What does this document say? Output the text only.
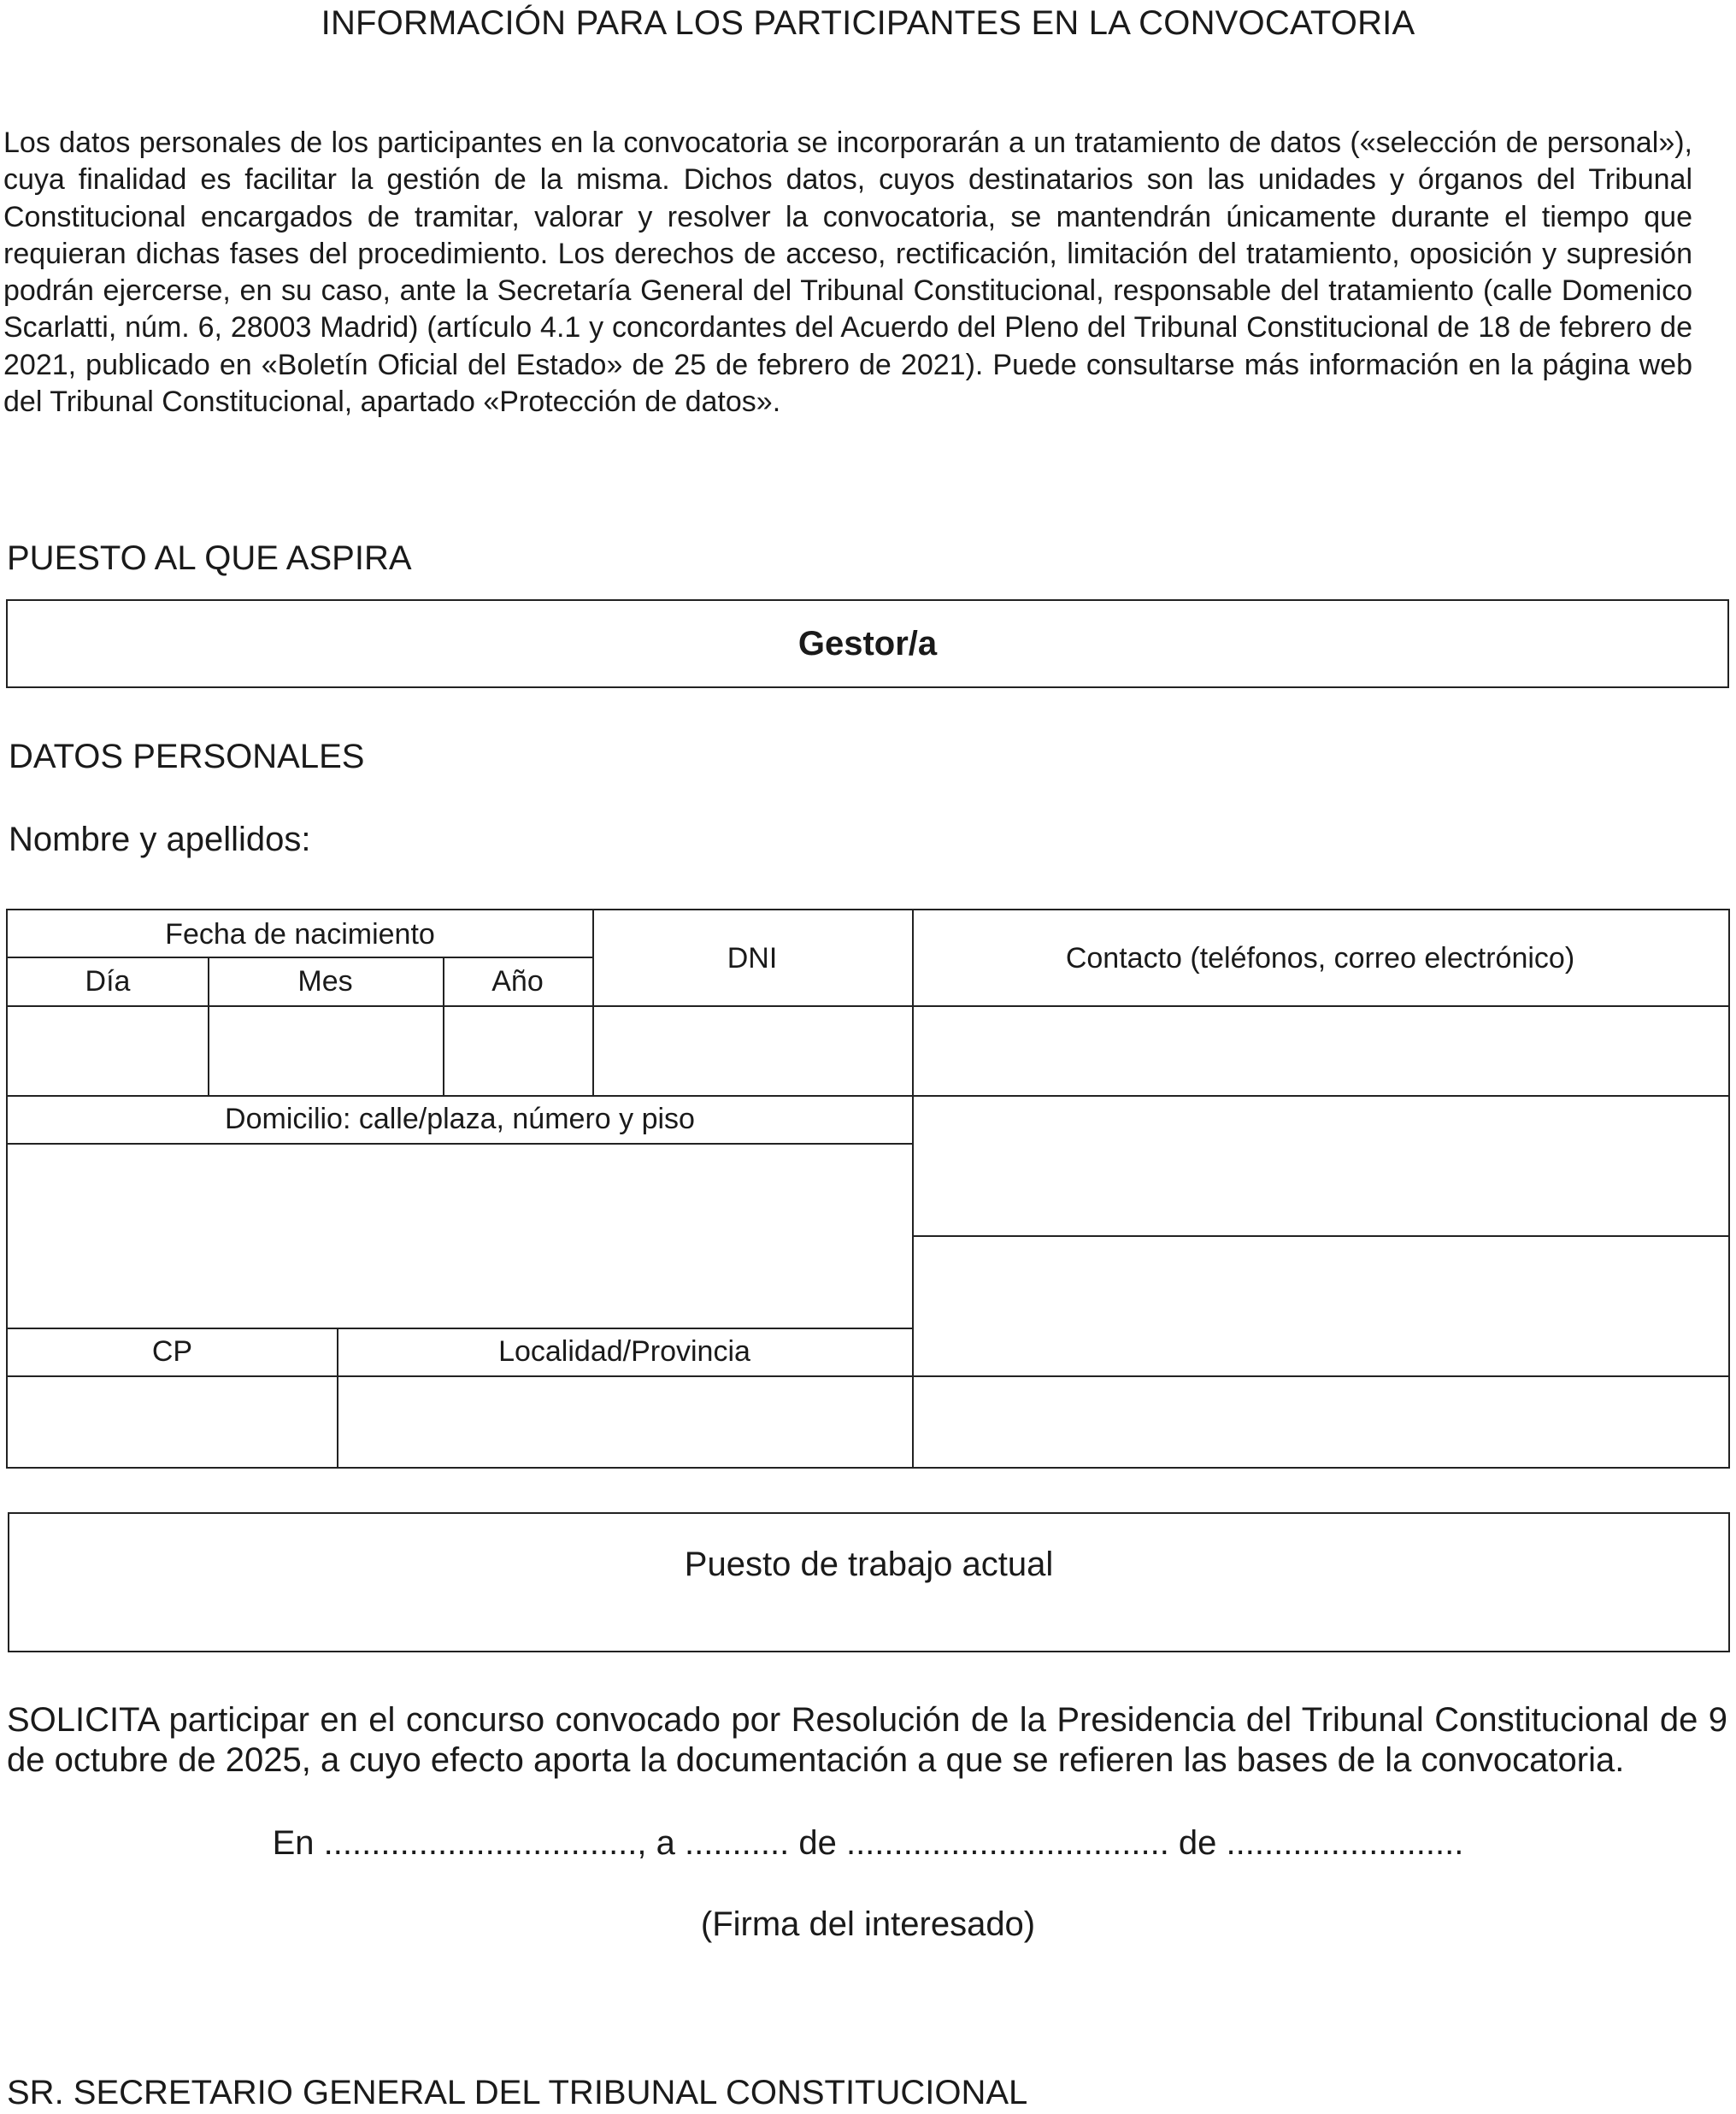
INFORMACIÓN PARA LOS PARTICIPANTES EN LA CONVOCATORIA
Los datos personales de los participantes en la convocatoria se incorporarán a un tratamiento de datos («selección de personal»), cuya finalidad es facilitar la gestión de la misma. Dichos datos, cuyos destinatarios son las unidades y órganos del Tribunal Constitucional encargados de tramitar, valorar y resolver la convocatoria, se mantendrán únicamente durante el tiempo que requieran dichas fases del procedimiento. Los derechos de acceso, rectificación, limitación del tratamiento, oposición y supresión podrán ejercerse, en su caso, ante la Secretaría General del Tribunal Constitucional, responsable del tratamiento (calle Domenico Scarlatti, núm. 6, 28003 Madrid) (artículo 4.1 y concordantes del Acuerdo del Pleno del Tribunal Constitucional de 18 de febrero de 2021, publicado en «Boletín Oficial del Estado» de 25 de febrero de 2021). Puede consultarse más información en la página web del Tribunal Constitucional, apartado «Protección de datos».
PUESTO AL QUE ASPIRA
Gestor/a
DATOS PERSONALES
Nombre y apellidos:
Fecha de nacimiento
Día	Mes	Año
DNI	Contacto (teléfonos, correo electrónico)
Domicilio: calle/plaza, número y piso
CP	Localidad/Provincia
Puesto de trabajo actual
SOLICITA participar en el concurso convocado por Resolución de la Presidencia del Tribunal Constitucional de 9 de octubre de 2025, a cuyo efecto aporta la documentación a que se refieren las bases de la convocatoria.
En ................................., a ........... de .................................. de .........................
(Firma del interesado)
SR. SECRETARIO GENERAL DEL TRIBUNAL CONSTITUCIONAL
